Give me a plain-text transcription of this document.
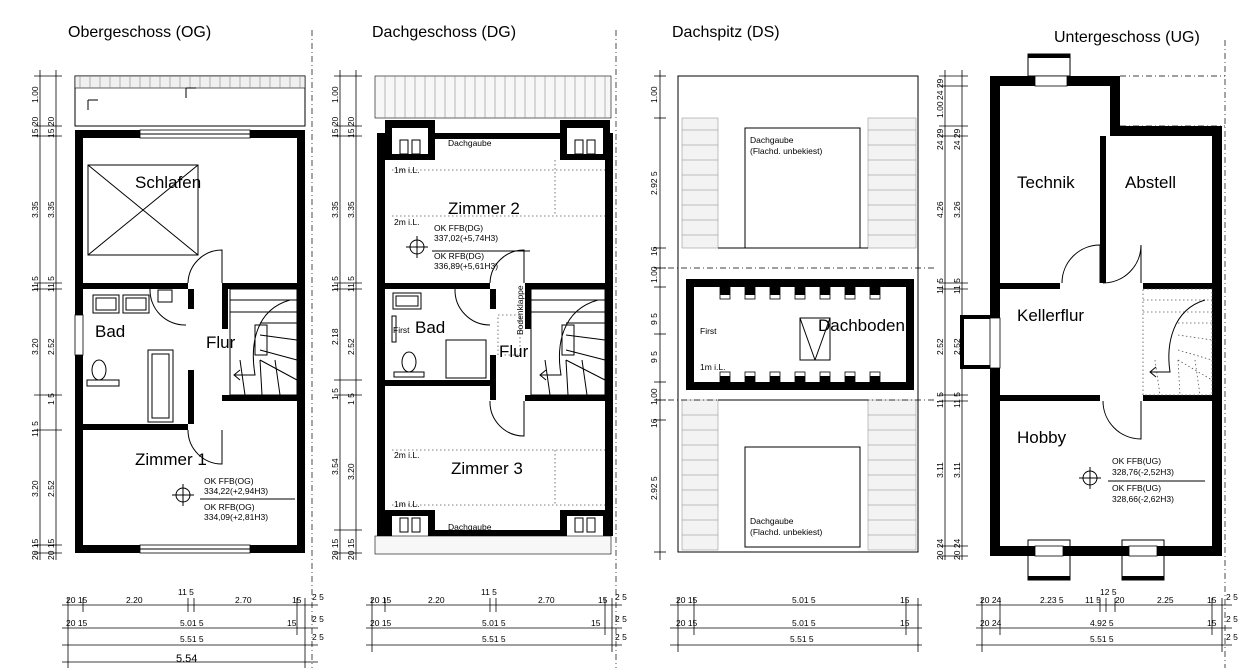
Obergeschoss (OG)	Dachgeschoss (DG)	Dachspitz (DS)	Untergeschoss (UG)
Schlafen
Bad
Flur
Zimmer 1
OK FFB(OG)
334,22(+2,94H3)
OK RFB(OG)
334,09(+2,81H3)
1.00
15 20
3.35
11 5
3.20
11 5
3.20
20 15
15 20
3.35
11 5
2.52
1 5
2.52
20 15
20 15	2.20
11 5
2.70	15 2 5
20 15	5.01 5	15 2 5
5.51 5	2 5
5.54
Dachgaube
1m i.L.
2m i.L.
First	Bodenklappe
2m i.L.
1m i.L.
Dachgaube
Zimmer 2
Bad
Flur
Zimmer 3
OK FFB(DG)
337,02(+5,74H3)
OK RFB(DG)
336,89(+5,61H3)
1.00
15 20
3.35
11 5
2.18
1 5
3.54
20 15
15 20
3.35
11 5
2.52
1 5
3.20
20 15
20 15	2.20
11 5
2.70	15 2 5
20 15	5.01 5	15 2 5
5.51 5	2 5
Dachgaube
(Flachd. unbekiest)
First
1m i.L.
Dachboden
Dachgaube
(Flachd. unbekiest)
1.00
2.92 5
16
1.00
9 5
9 5
1.00
16
2.92 5
20 15	5.01 5	15
20 15	5.01 5	15
5.51 5
Technik	Abstell
Kellerflur
Hobby
OK FFB(UG)
328,76(-2,52H3)
OK FFB(UG)
328,66(-2,62H3)
24 29
1.00
24 29
4.26
11 5
2.52
11 5
3.11
20 24
24 29
3.26
11 5
2.52
11 5
3.11
20 24
20 24	2.23 5	11 5
12 5
20	2.25	15 2 5
20 24	4.92 5	15 2 5
5.51 5	2 5
